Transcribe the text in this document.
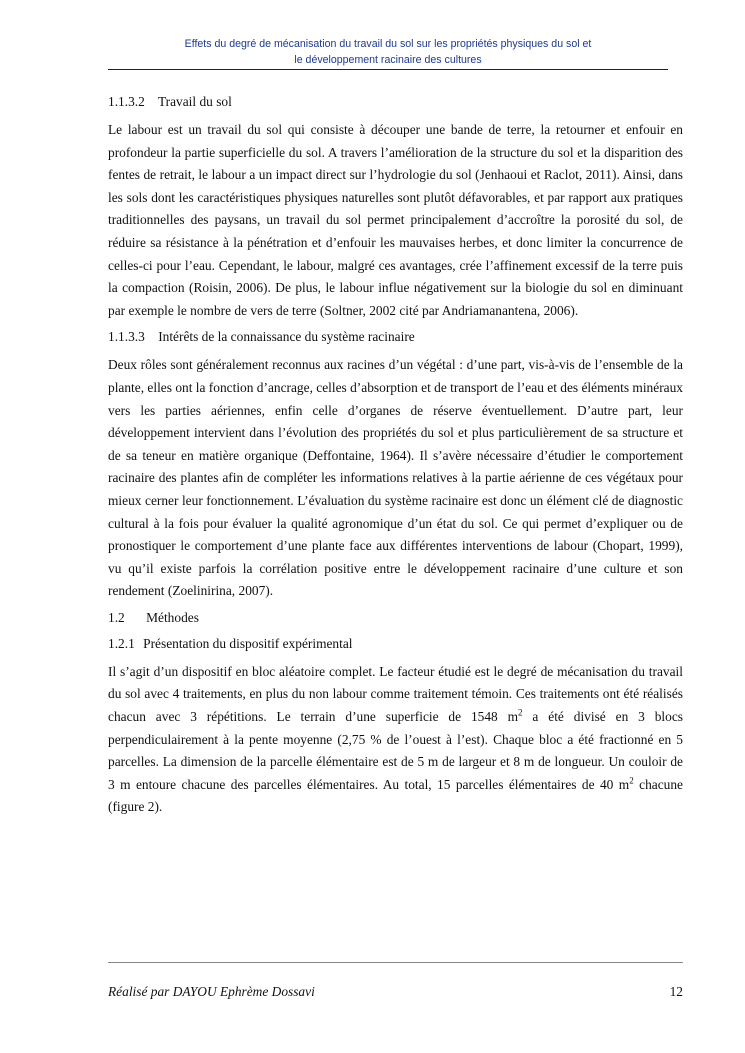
Effets du degré de mécanisation du travail du sol sur les propriétés physiques du sol et
le développement racinaire des cultures
1.1.3.2 Travail du sol

Le labour est un travail du sol qui consiste à découper une bande de terre, la retourner et enfouir en profondeur la partie superficielle du sol. A travers l’amélioration de la structure du sol et la disparition des fentes de retrait, le labour a un impact direct sur l’hydrologie du sol (Jenhaoui et Raclot, 2011). Ainsi, dans les sols dont les caractéristiques physiques naturelles sont plutôt défavorables, et par rapport aux pratiques traditionnelles des paysans, un travail du sol permet principalement d’accroître la porosité du sol, de réduire sa résistance à la pénétration et d’enfouir les mauvaises herbes, et donc limiter la concurrence de celles-ci pour l’eau. Cependant, le labour, malgré ces avantages, crée l’affinement excessif de la terre puis la compaction (Roisin, 2006). De plus, le labour influe négativement sur la biologie du sol en diminuant par exemple le nombre de vers de terre (Soltner, 2002 cité par Andriamanantena, 2006).

1.1.3.3 Intérêts de la connaissance du système racinaire

Deux rôles sont généralement reconnus aux racines d’un végétal : d’une part, vis-à-vis de l’ensemble de la plante, elles ont la fonction d’ancrage, celles d’absorption et de transport de l’eau et des éléments minéraux vers les parties aériennes, enfin celle d’organes de réserve éventuellement. D’autre part, leur développement intervient dans l’évolution des propriétés du sol et plus particulièrement de sa structure et de sa teneur en matière organique (Deffontaine, 1964). Il s’avère nécessaire d’étudier le comportement racinaire des plantes afin de compléter les informations relatives à la partie aérienne de ces végétaux pour mieux cerner leur fonctionnement. L’évaluation du système racinaire est donc un élément clé de diagnostic cultural à la fois pour évaluer la qualité agronomique d’un état du sol. Ce qui permet d’expliquer ou de pronostiquer le comportement d’une plante face aux différentes interventions de labour (Chopart, 1999), vu qu’il existe parfois la corrélation positive entre le développement racinaire d’une culture et son rendement (Zoelinirina, 2007).

1.2 Méthodes
1.2.1 Présentation du dispositif expérimental

Il s’agit d’un dispositif en bloc aléatoire complet. Le facteur étudié est le degré de mécanisation du travail du sol avec 4 traitements, en plus du non labour comme traitement témoin. Ces traitements ont été réalisés chacun avec 3 répétitions. Le terrain d’une superficie de 1548 $m^2$ a été divisé en 3 blocs perpendiculairement à la pente moyenne (2,75 % de l’ouest à l’est). Chaque bloc a été fractionné en 5 parcelles. La dimension de la parcelle élémentaire est de 5 m de largeur et 8 m de longueur. Un couloir de 3 m entoure chacune des parcelles élémentaires. Au total, 15 parcelles élémentaires de 40 $m^2$ chacune (figure 2).

Réalisé par DAYOU Ephrème Dossavi	12
